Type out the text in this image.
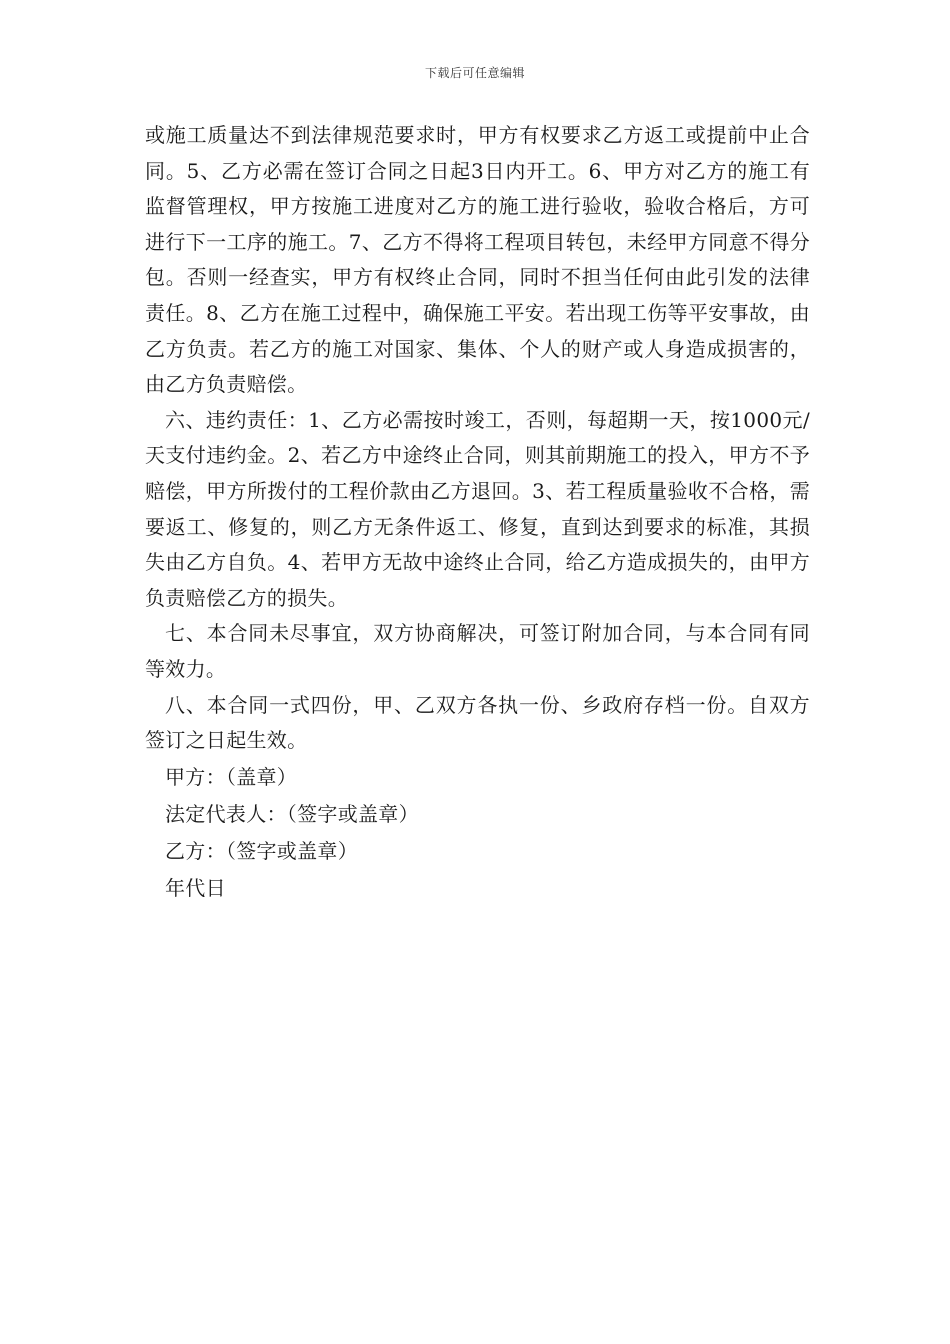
下载后可任意编辑

或施工质量达不到法律规范要求时，甲方有权要求乙方返工或提前中止合同。5、乙方必需在签订合同之日起3日内开工。6、甲方对乙方的施工有监督管理权，甲方按施工进度对乙方的施工进行验收，验收合格后，方可进行下一工序的施工。7、乙方不得将工程项目转包，未经甲方同意不得分包。否则一经查实，甲方有权终止合同，同时不担当任何由此引发的法律责任。8、乙方在施工过程中，确保施工平安。若出现工伤等平安事故，由乙方负责。若乙方的施工对国家、集体、个人的财产或人身造成损害的，由乙方负责赔偿。

六、违约责任：1、乙方必需按时竣工，否则，每超期一天，按1000元/天支付违约金。2、若乙方中途终止合同，则其前期施工的投入，甲方不予赔偿，甲方所拨付的工程价款由乙方退回。3、若工程质量验收不合格，需要返工、修复的，则乙方无条件返工、修复，直到达到要求的标准，其损失由乙方自负。4、若甲方无故中途终止合同，给乙方造成损失的，由甲方负责赔偿乙方的损失。

七、本合同未尽事宜，双方协商解决，可签订附加合同，与本合同有同等效力。

八、本合同一式四份，甲、乙双方各执一份、乡政府存档一份。自双方签订之日起生效。

甲方：（盖章）

法定代表人：（签字或盖章）

乙方：（签字或盖章）

年代日
